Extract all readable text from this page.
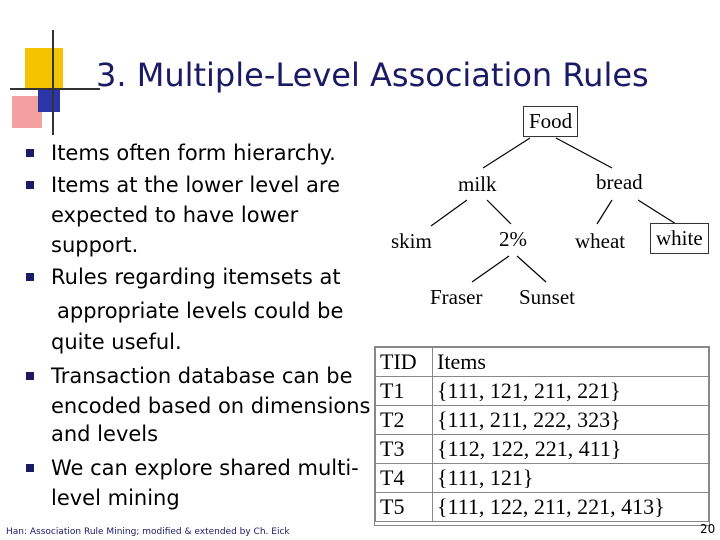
3. Multiple-Level Association Rules
Items often form hierarchy.
Items at the lower level are
expected to have lower
support.
Rules regarding itemsets at
appropriate levels could be
quite useful.
Transaction database can be
encoded based on dimensions
and levels
We can explore shared multi-
level mining
Food
milk	bread
skim	2% wheat white
Fraser Sunset
TID	Items
T1	{111, 121, 211, 221}
T2	{111, 211, 222, 323}
T3	{112, 122, 221, 411}
T4	{111, 121}
T5	{111, 122, 211, 221, 413}
Han: Association Rule Mining; modified & extended by Ch. Eick	20
